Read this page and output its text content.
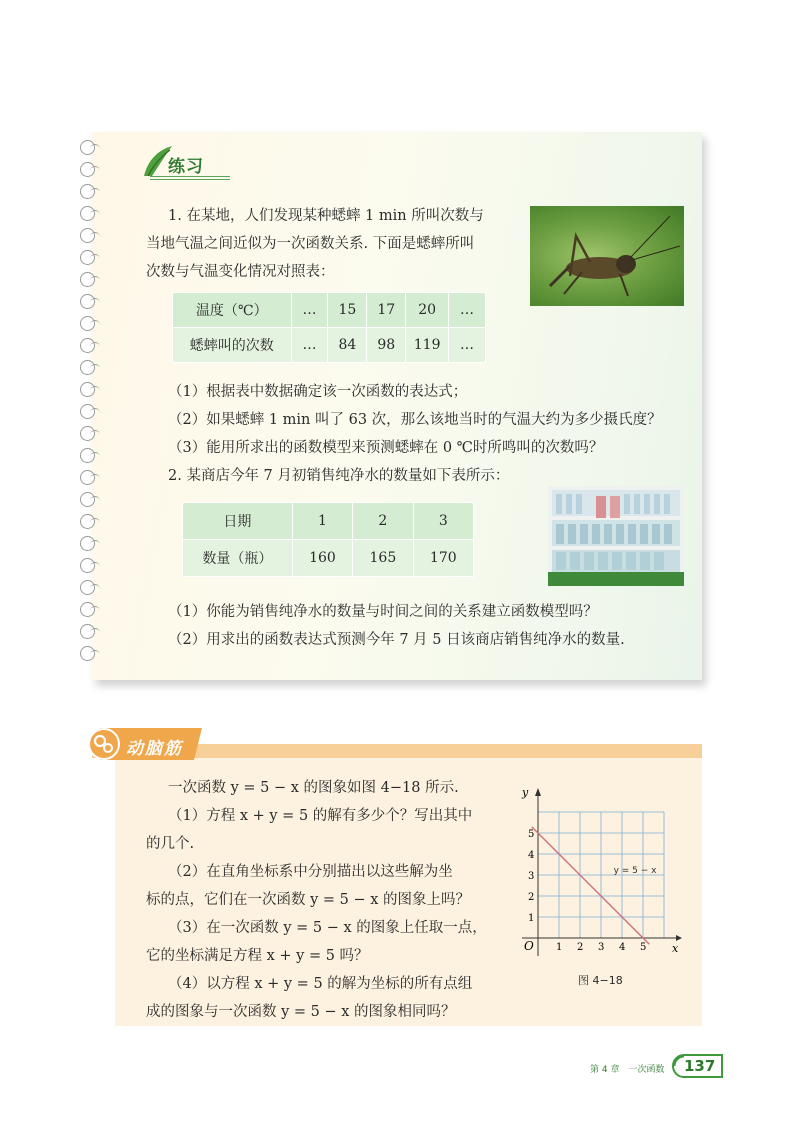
练习
1. 在某地，人们发现某种蟋蟀 1 min 所叫次数与
当地气温之间近似为一次函数关系. 下面是蟋蟀所叫
次数与气温变化情况对照表：
温度（℃）	…	15	17	20	…
蟋蟀叫的次数	…	84	98	119	…
（1）根据表中数据确定该一次函数的表达式；
（2）如果蟋蟀 1 min 叫了 63 次，那么该地当时的气温大约为多少摄氏度？
（3）能用所求出的函数模型来预测蟋蟀在 0 ℃时所鸣叫的次数吗？
2. 某商店今年 7 月初销售纯净水的数量如下表所示：
日期	1	2	3
数量（瓶）	160	165	170
（1）你能为销售纯净水的数量与时间之间的关系建立函数模型吗？
（2）用求出的函数表达式预测今年 7 月 5 日该商店销售纯净水的数量.
动脑筋
一次函数 y = 5 − x 的图象如图 4−18 所示.
（1）方程 x + y = 5 的解有多少个？写出其中
的几个.
（2）在直角坐标系中分别描出以这些解为坐
标的点，它们在一次函数 y = 5 − x 的图象上吗？
（3）在一次函数 y = 5 − x 的图象上任取一点，
它的坐标满足方程 x + y = 5 吗？
（4）以方程 x + y = 5 的解为坐标的所有点组
成的图象与一次函数 y = 5 − x 的图象相同吗？
x
y
O 1 2 3 4 5
1
2
3
4
5
y = 5 − x
图 4−18
第 4 章　一次函数 137
